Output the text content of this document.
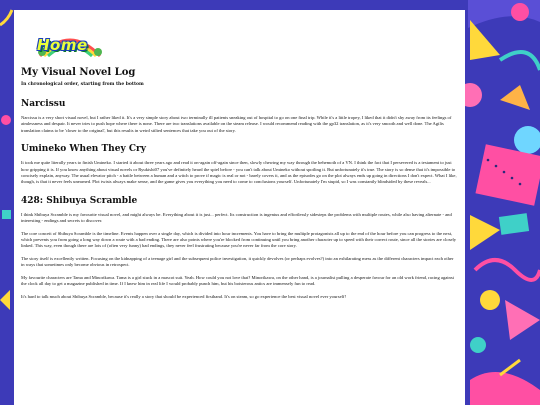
Home
My Visual Novel Log
In chronological order, starting from the bottom
Narcissu

Narcissu is a very short visual novel, but I rather liked it. It's a very simple story about two terminally ill patients sneaking out of hospital to go on one final trip. While it's a little tropey, I liked that it didn't shy away from its feelings of aimlessness and despair. It never tries to push hope where there is none. There are two translations available on the steam release. I would recommend reading with the gp32 translation, as it's very smooth and well done. The Agilis translation claims to be 'closer to the original', but this results in weird stilted sentences that take you out of the story.

Umineko When They Cry

It took me quite literally years to finish Umineko. I started it about three years ago and read it on-again off-again since then, slowly chewing my way through the behemoth of a VN. I think the fact that I persevered is a testament to just how gripping it is. If you know anything about visual novels or Ryukishi07 you've definitely heard the spiel before - you can't talk about Umineko without spoiling it. But unfortunately it's true. The story is so dense that it's impossible to concisely explain, anyway. The usual elevator pitch - a battle between a human and a witch to prove if magic is real or not - barely covers it, and as the episodes go on the plot always ends up going in directions I don't expect. What I like, though, is that it never feels unearned. Plot twists always make sense, and the game gives you everything you need to come to conclusions yourself. Unfortunately I'm stupid, so I was constantly blindsided by these reveals...

428: Shibuya Scramble

I think Shibuya Scramble is my favourite visual novel, and might always be. Everything about it is just... perfect. Its construction is ingenius and effortlessly sidesteps the problems with multiple routes, while also having alternate - and interesting - endings and secrets to discover.

The core conceit of Shibuya Scramble is the timeline. Events happen over a single day, which is divided into hour increments. You have to bring the multiple protagonists all up to the end of the hour before you can progress to the next, which prevents you from going a long way down a route with a bad ending. There are also points where you're blocked from continuing until you bring another character up to speed with their correct route, since all the stories are closely linked. This way, even though there are lots of (often very funny) bad endings, they never feel frustrating because you're never far from the core story.

The story itself is excellently written. Focusing on the kidnapping of a teenage girl and the subsequent police investigation, it quickly devolves (or perhaps evolves?) into an exhilarating mess as the different characters impact each other in ways that sometimes only become obvious in retrospect.

My favourite characters are Tama and Minorikawa. Tama is a girl stuck in a mascot suit. Yeah. How could you not love that? Minorikawa, on the other hand, is a journalist pulling a desperate favour for an old work friend, racing against the clock all day to get a magazine published in time. If I knew him in real life I would probably punch him, but his boisterous antics are immensely fun to read.

It's hard to talk much about Shibuya Scramble, because it's really a story that should be experienced firsthand. It's on steam, so go experience the best visual novel ever yourself!
